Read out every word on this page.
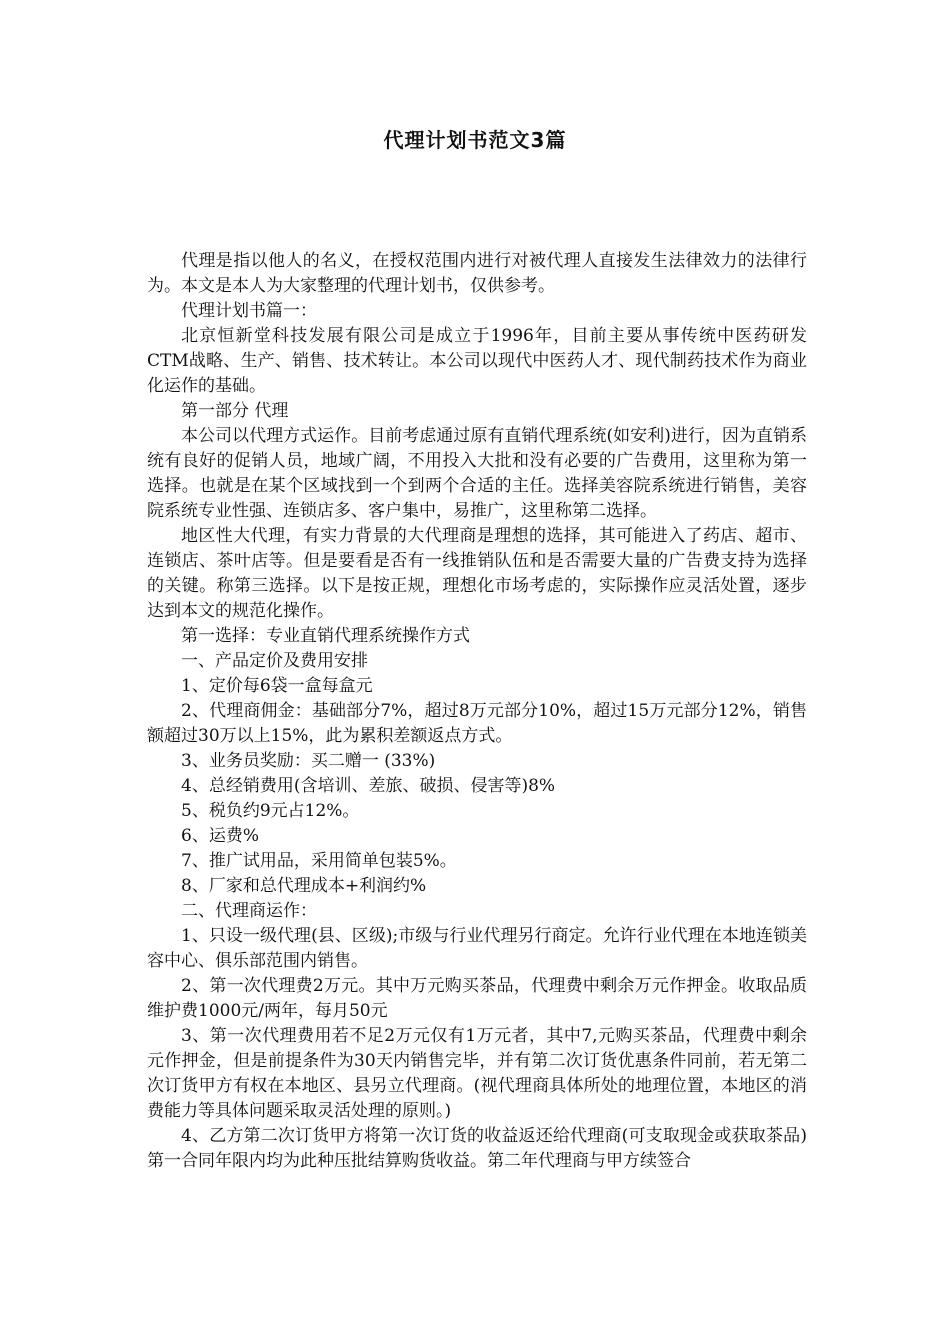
代理计划书范文3篇

代理是指以他人的名义，在授权范围内进行对被代理人直接发生法律效力的法律行为。本文是本人为大家整理的代理计划书，仅供参考。

代理计划书篇一：

北京恒新堂科技发展有限公司是成立于1996年，目前主要从事传统中医药研发CTM战略、生产、销售、技术转让。本公司以现代中医药人才、现代制药技术作为商业化运作的基础。

第一部分 代理

本公司以代理方式运作。目前考虑通过原有直销代理系统(如安利)进行，因为直销系统有良好的促销人员，地域广阔，不用投入大批和没有必要的广告费用，这里称为第一选择。也就是在某个区域找到一个到两个合适的主任。选择美容院系统进行销售，美容院系统专业性强、连锁店多、客户集中，易推广，这里称第二选择。

地区性大代理，有实力背景的大代理商是理想的选择，其可能进入了药店、超市、连锁店、茶叶店等。但是要看是否有一线推销队伍和是否需要大量的广告费支持为选择的关键。称第三选择。以下是按正规，理想化市场考虑的，实际操作应灵活处置，逐步达到本文的规范化操作。

第一选择：专业直销代理系统操作方式

一、产品定价及费用安排

1、定价每6袋一盒每盒元

2、代理商佣金：基础部分7%，超过8万元部分10%，超过15万元部分12%，销售额超过30万以上15%，此为累积差额返点方式。

3、业务员奖励：买二赠一 (33%)

4、总经销费用(含培训、差旅、破损、侵害等)8%

5、税负约9元占12%。

6、运费%

7、推广试用品，采用简单包装5%。

8、厂家和总代理成本+利润约%

二、代理商运作：

1、只设一级代理(县、区级);市级与行业代理另行商定。允许行业代理在本地连锁美容中心、俱乐部范围内销售。

2、第一次代理费2万元。其中万元购买茶品，代理费中剩余万元作押金。收取品质维护费1000元/两年，每月50元

3、第一次代理费用若不足2万元仅有1万元者，其中7,元购买茶品，代理费中剩余 元作押金，但是前提条件为30天内销售完毕，并有第二次订货优惠条件同前，若无第二次订货甲方有权在本地区、县另立代理商。(视代理商具体所处的地理位置，本地区的消费能力等具体问题采取灵活处理的原则。)

4、乙方第二次订货甲方将第一次订货的收益返还给代理商(可支取现金或获取茶品)第一合同年限内均为此种压批结算购货收益。第二年代理商与甲方续签合
